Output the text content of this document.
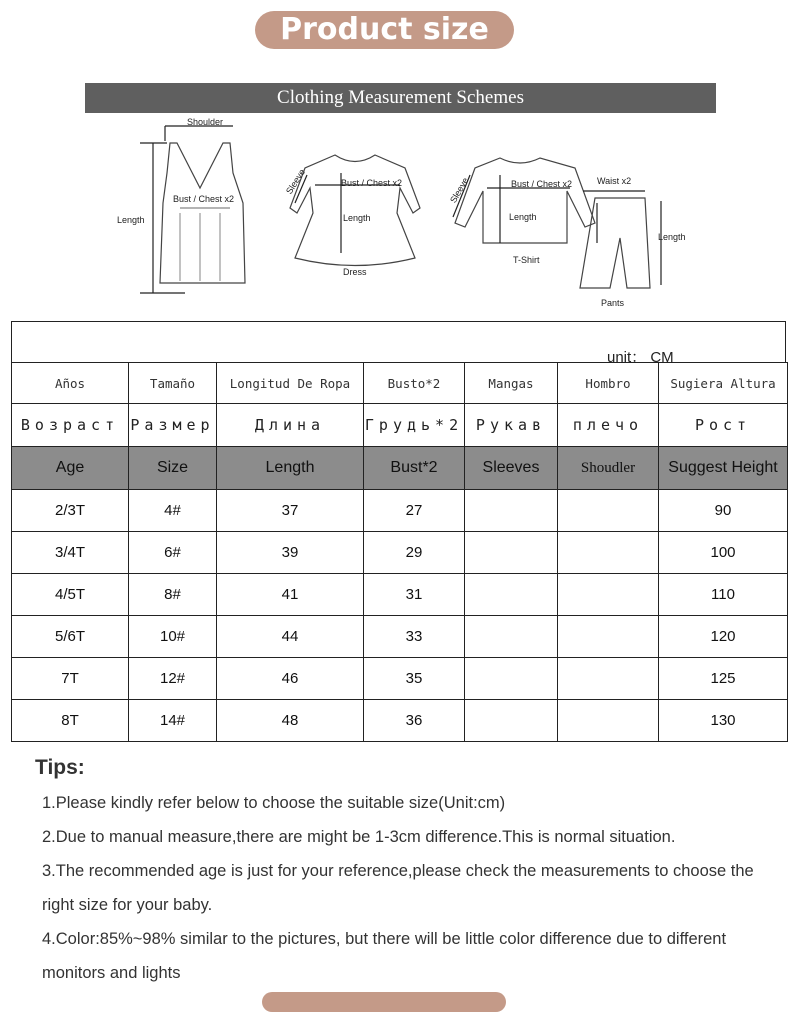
Product size
Clothing Measurement Schemes
Shoulder
Bust / Chest x2
Length
Sleeve	Bust / Chest x2
Length
Dress
Sleeve	Bust / Chest x2
Length
T-Shirt
Waist x2
Length
Pants
unit： CM
Años	Tamaño	Longitud De Ropa	Busto*2	Mangas	Hombro	Sugiera Altura
Возраст	Размер	Длина	Грудь*2	Рукав	плечо	Рост
Age	Size	Length	Bust*2	Sleeves	Shoudler	Suggest Height
2/3T	4#	37	27			90
3/4T	6#	39	29			100
4/5T	8#	41	31			110
5/6T	10#	44	33			120
7T	12#	46	35			125
8T	14#	48	36			130
Tips:

1.Please kindly refer below to choose the suitable size(Unit:cm)

2.Due to manual measure,there are might be 1-3cm difference.This is normal situation.

3.The recommended age is just for your reference,please check the measurements to choose the right size for your baby.

4.Color:85%~98% similar to the pictures, but there will be little color difference due to different monitors and lights
